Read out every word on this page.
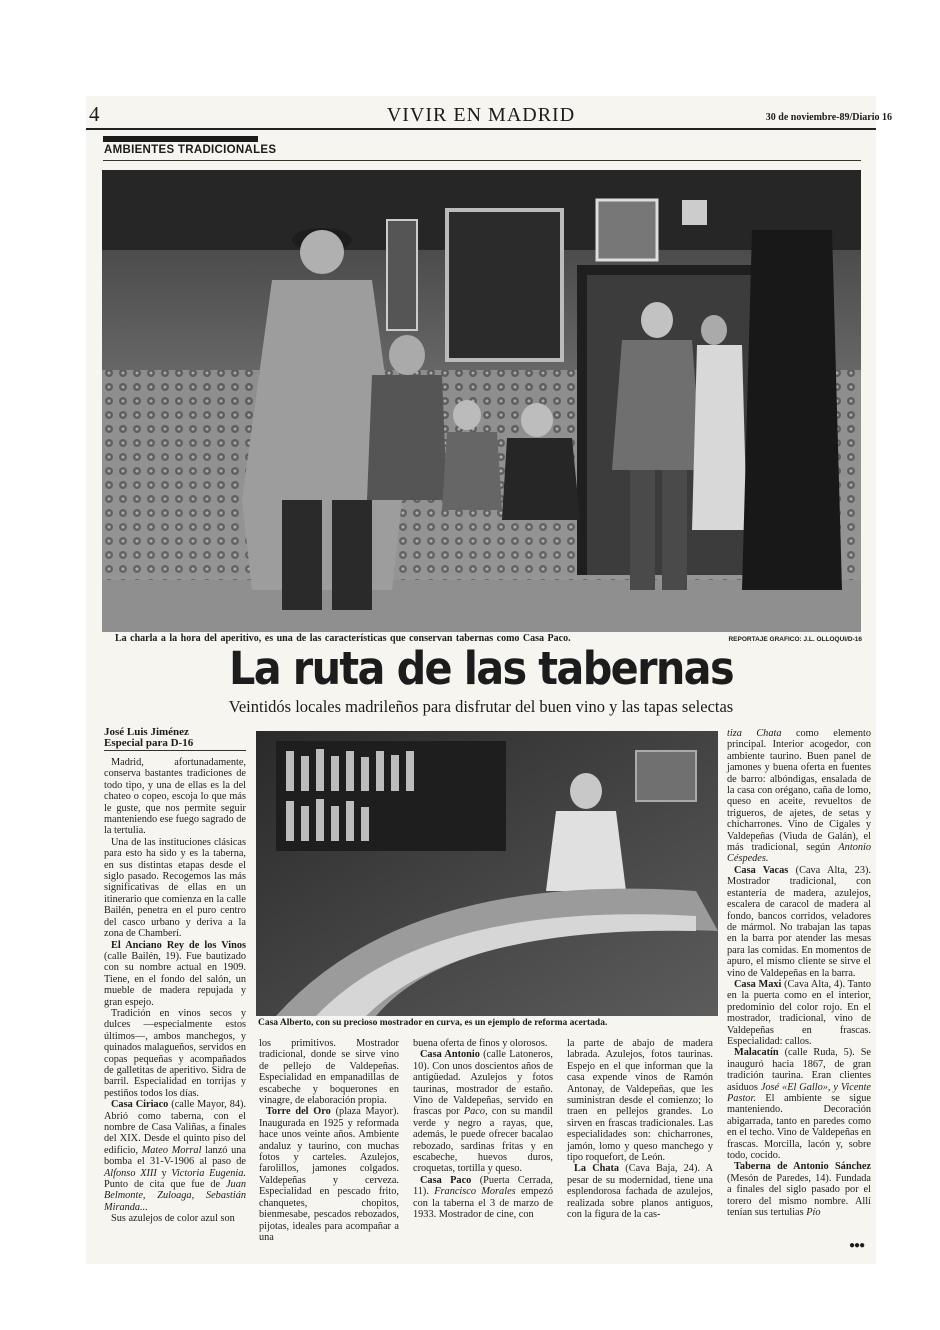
4	VIVIR EN MADRID	30 de noviembre-89/Diario 16
AMBIENTES TRADICIONALES
La charla a la hora del aperitivo, es una de las características que conservan tabernas como Casa Paco.	REPORTAJE GRAFICO: J.L. OLLOQUI/D-16
La ruta de las tabernas
Veintidós locales madrileños para disfrutar del buen vino y las tapas selectas
José Luis Jiménez
Especial para D-16

Madrid, afortunadamente, conserva bastantes tradiciones de todo tipo, y una de ellas es la del chateo o copeo, escoja lo que más le guste, que nos permite seguir manteniendo ese fuego sagrado de la tertulia.

Una de las instituciones clásicas para esto ha sido y es la taberna, en sus distintas etapas desde el siglo pasado. Recogemos las más significativas de ellas en un itinerario que comienza en la calle Bailén, penetra en el puro centro del casco urbano y deriva a la zona de Chamberí.

El Anciano Rey de los Vinos (calle Bailén, 19). Fue bautizado con su nombre actual en 1909. Tiene, en el fondo del salón, un mueble de madera repujada y gran espejo.

Tradición en vinos secos y dulces —especialmente estos últimos—, ambos manchegos, y quinados malagueños, servidos en copas pequeñas y acompañados de galletitas de aperitivo. Sidra de barril. Especialidad en torrijas y pestiños todos los días.

Casa Ciriaco (calle Mayor, 84). Abrió como taberna, con el nombre de Casa Valiñas, a finales del XIX. Desde el quinto piso del edificio, Mateo Morral lanzó una bomba el 31-V-1906 al paso de Alfonso XIII y Victoria Eugenia. Punto de cita que fue de Juan Belmonte, Zuloaga, Sebastián Miranda...

Sus azulejos de color azul son

Casa Alberto, con su precioso mostrador en curva, es un ejemplo de reforma acertada.

los primitivos. Mostrador tradicional, donde se sirve vino de pellejo de Valdepeñas. Especialidad en empanadillas de escabeche y boquerones en vinagre, de elaboración propia.

Torre del Oro (plaza Mayor). Inaugurada en 1925 y reformada hace unos veinte años. Ambiente andaluz y taurino, con muchas fotos y carteles. Azulejos, farolillos, jamones colgados. Valdepeñas y cerveza. Especialidad en pescado frito, chanquetes, chopitos, bienmesabe, pescados rebozados, pijotas, ideales para acompañar a una

buena oferta de finos y olorosos.

Casa Antonio (calle Latoneros, 10). Con unos doscientos años de antigüedad. Azulejos y fotos taurinas, mostrador de estaño. Vino de Valdepeñas, servido en frascas por Paco, con su mandil verde y negro a rayas, que, además, le puede ofrecer bacalao rebozado, sardinas fritas y en escabeche, huevos duros, croquetas, tortilla y queso.

Casa Paco (Puerta Cerrada, 11). Francisco Morales empezó con la taberna el 3 de marzo de 1933. Mostrador de cine, con

la parte de abajo de madera labrada. Azulejos, fotos taurinas. Espejo en el que informan que la casa expende vinos de Ramón Antonay, de Valdepeñas, que les suministran desde el comienzo; lo traen en pellejos grandes. Lo sirven en frascas tradicionales. Las especialidades son: chicharrones, jamón, lomo y queso manchego y tipo roquefort, de León.

La Chata (Cava Baja, 24). A pesar de su modernidad, tiene una esplendorosa fachada de azulejos, realizada sobre planos antiguos, con la figura de la cas-

tiza Chata como elemento principal. Interior acogedor, con ambiente taurino. Buen panel de jamones y buena oferta en fuentes de barro: albóndigas, ensalada de la casa con orégano, caña de lomo, queso en aceite, revueltos de trigueros, de ajetes, de setas y chicharrones. Vino de Cigales y Valdepeñas (Viuda de Galán), el más tradicional, según Antonio Céspedes.

Casa Vacas (Cava Alta, 23). Mostrador tradicional, con estantería de madera, azulejos, escalera de caracol de madera al fondo, bancos corridos, veladores de mármol. No trabajan las tapas en la barra por atender las mesas para las comidas. En momentos de apuro, el mismo cliente se sirve el vino de Valdepeñas en la barra.

Casa Maxi (Cava Alta, 4). Tanto en la puerta como en el interior, predominio del color rojo. En el mostrador, tradicional, vino de Valdepeñas en frascas. Especialidad: callos.

Malacatín (calle Ruda, 5). Se inauguró hacia 1867, de gran tradición taurina. Eran clientes asiduos José «El Gallo», y Vicente Pastor. El ambiente se sigue manteniendo. Decoración abigarrada, tanto en paredes como en el techo. Vino de Valdepeñas en frascas. Morcilla, lacón y, sobre todo, cocido.

Taberna de Antonio Sánchez (Mesón de Paredes, 14). Fundada a finales del siglo pasado por el torero del mismo nombre. Allí tenían sus tertulias Pío

●●●
